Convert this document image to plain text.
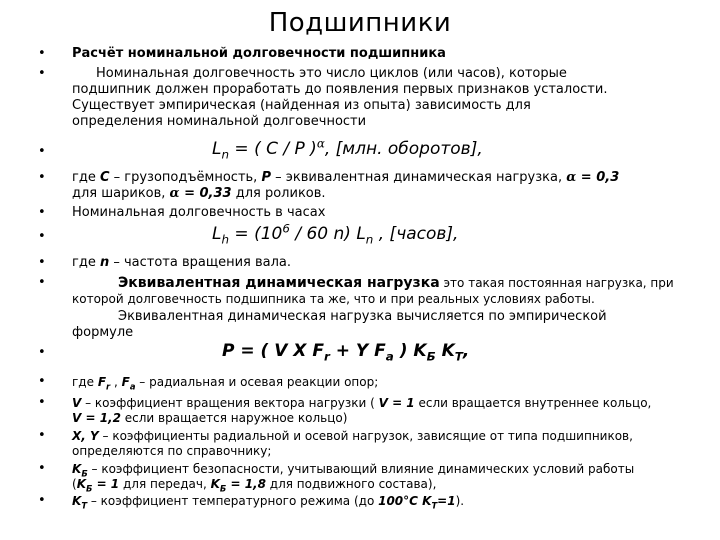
Подшипники
•
•
•
•
•
•
•
•
•
•
•
•
•
•
Расчёт номинальной долговечности подшипника
Номинальная долговечность это число циклов (или часов), которые
подшипник должен проработать до появления первых признаков усталости.
Существует эмпирическая (найденная из опыта) зависимость для
определения номинальной долговечности
$L_n$ = ( C / P )$^\alpha$, [млн. оборотов],
где C – грузоподъёмность, P – эквивалентная динамическая нагрузка, α = 0,3
для шариков, α = 0,33 для роликов.
Номинальная долговечность в часах
$L_h = (10^6 / 60$ n) $L_n$ , [часов],
где n – частота вращения вала.
Эквивалентная динамическая нагрузка это такая постоянная нагрузка, при
которой долговечность подшипника та же, что и при реальных условиях работы.
Эквивалентная динамическая нагрузка вычисляется по эмпирической
формуле
P = ( V X $F_r + Y$ $F_a$ ) $K_Б$ $K_T$,
где $F_r$ , $F_a$ – радиальная и осевая реакции опор;
V – коэффициент вращения вектора нагрузки ( V = 1 если вращается внутреннее кольцо,
V = 1,2 если вращается наружное кольцо)
X, Y – коэффициенты радиальной и осевой нагрузок, зависящие от типа подшипников,
определяются по справочнику;
$K_Б$ – коэффициент безопасности, учитывающий влияние динамических условий работы
($K_Б = 1$ для передач, $K_Б = 1,8$ для подвижного состава),
$K_T$ – коэффициент температурного режима (до 100°C $K_T=1$).
